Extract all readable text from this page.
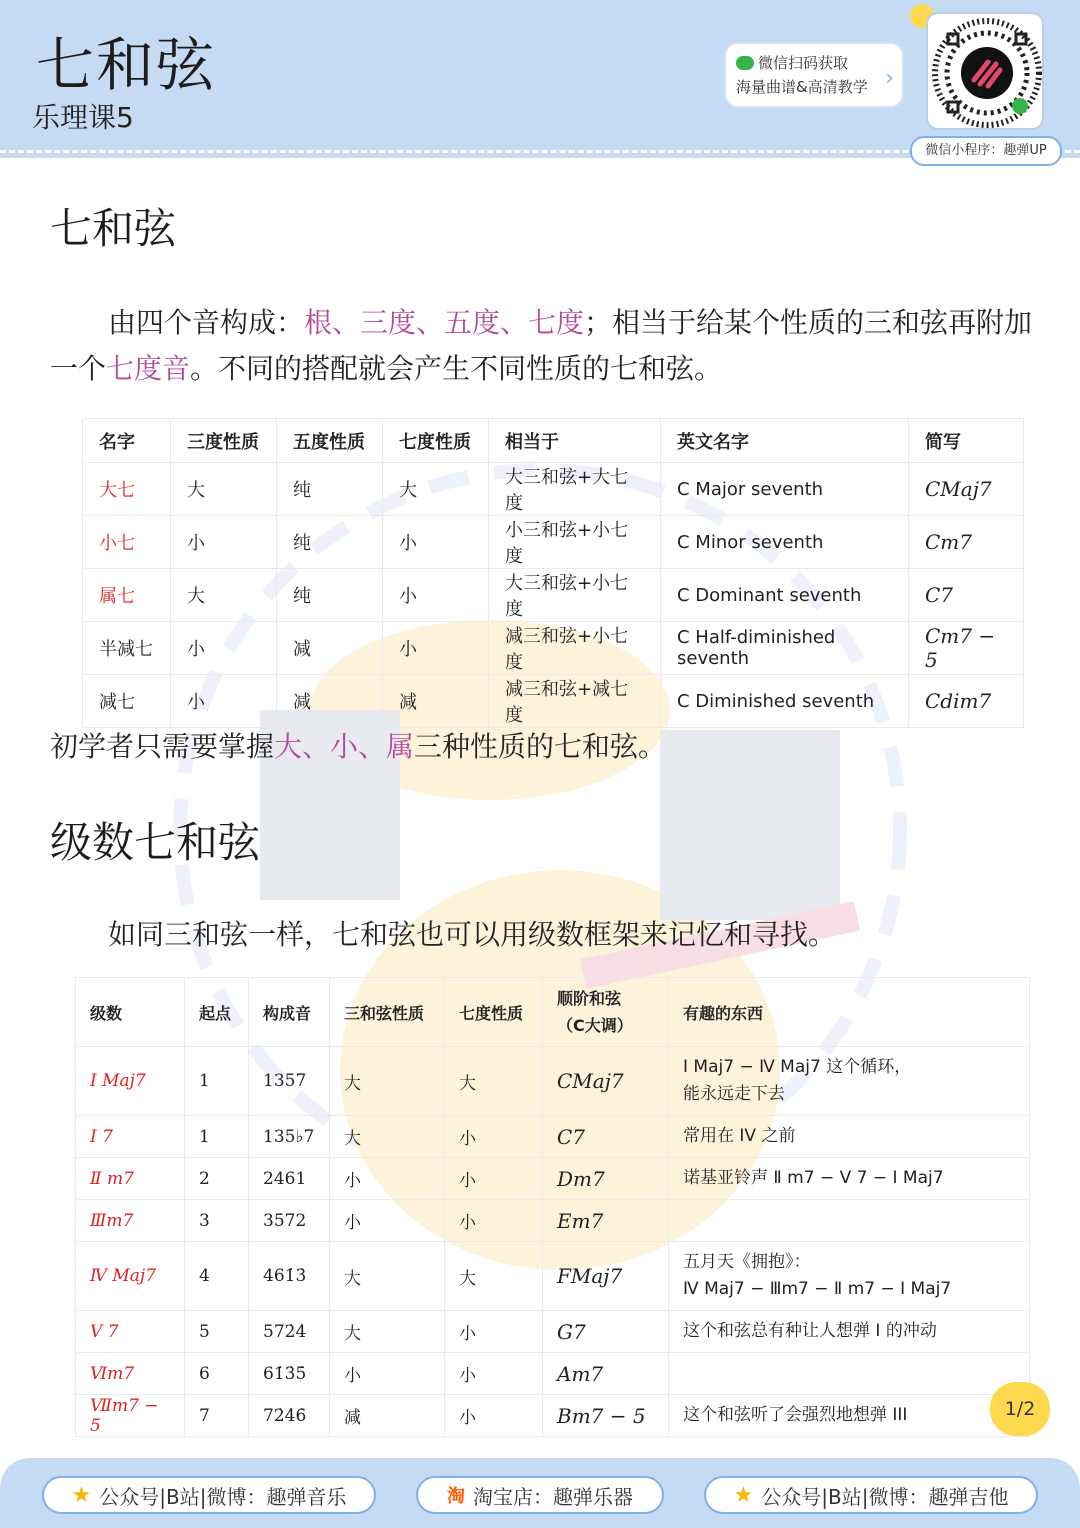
七和弦
乐理课5
微信扫码获取
海量曲谱&高清教学 ›
微信小程序：趣弹UP
七和弦
由四个音构成：根、三度、五度、七度；相当于给某个性质的三和弦再附加一个七度音。不同的搭配就会产生不同性质的七和弦。
名字	三度性质	五度性质	七度性质	相当于	英文名字	简写
大七	大	纯	大	大三和弦+大七度	C Major seventh	CMaj7
小七	小	纯	小	小三和弦+小七度	C Minor seventh	Cm7
属七	大	纯	小	大三和弦+小七度	C Dominant seventh	C7
半减七	小	减	小	减三和弦+小七度	C Half-diminished seventh	Cm7 − 5
减七	小	减	减	减三和弦+减七度	C Diminished seventh	Cdim7
初学者只需要掌握大、小、属三种性质的七和弦。
级数七和弦
如同三和弦一样，七和弦也可以用级数框架来记忆和寻找。
级数	起点	构成音	三和弦性质	七度性质	顺阶和弦
（C大调）	有趣的东西
Ⅰ Maj7	1	1357	大	大	CMaj7	Ⅰ Maj7 − Ⅳ Maj7 这个循环，
能永远走下去
Ⅰ 7	1	135♭7	大	小	C7	常用在 IV 之前
Ⅱ m7	2	2461	小	小	Dm7	诺基亚铃声 Ⅱ m7 − Ⅴ 7 − Ⅰ Maj7
Ⅲm7	3	3572	小	小	Em7	
Ⅳ Maj7	4	461̇3̇	大	大	FMaj7	五月天《拥抱》：
Ⅳ Maj7 − Ⅲm7 − Ⅱ m7 − Ⅰ Maj7
Ⅴ 7	5	572̇4̇	大	小	G7	这个和弦总有种让人想弹 Ⅰ 的冲动
Ⅵm7	6	61̇3̇5̇	小	小	Am7	
Ⅶm7 − 5	7	72̇4̇6̇	减	小	Bm7 − 5	这个和弦听了会强烈地想弹 III	1/2
★ 公众号|B站|微博：趣弹音乐	淘 淘宝店：趣弹乐器	★ 公众号|B站|微博：趣弹吉他
